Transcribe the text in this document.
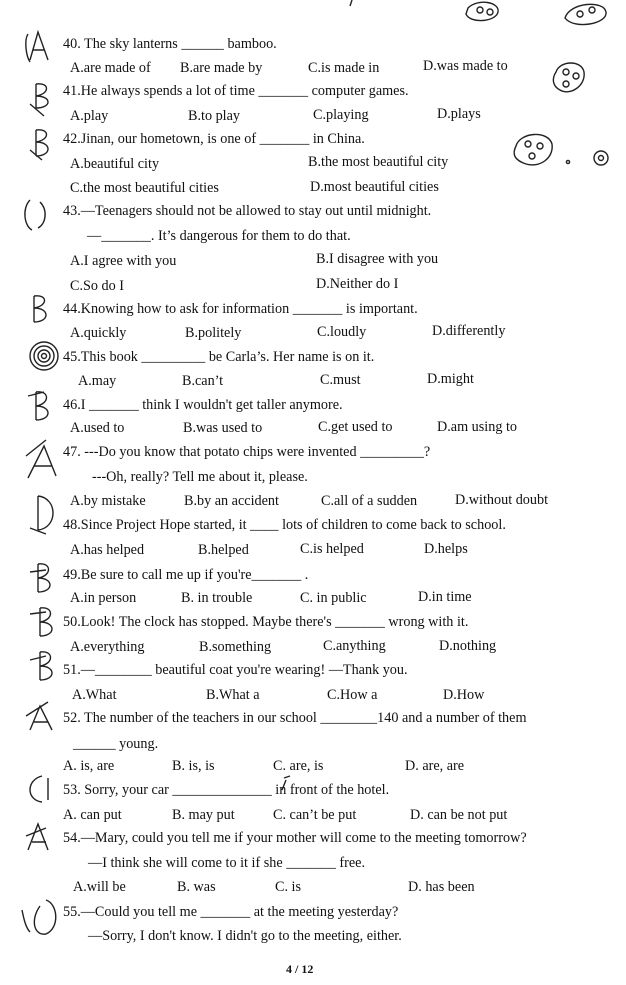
40. The sky lanterns ______ bamboo.
A.are made of B.are made by	C.is made in	D.was made to
41.He always spends a lot of time _______ computer games.
A.play	B.to play	C.playing	D.plays
42.Jinan, our hometown, is one of _______ in China.
A.beautiful city	B.the most beautiful city
C.the most beautiful cities	D.most beautiful cities
43.—Teenagers should not be allowed to stay out until midnight.
—_______. It’s dangerous for them to do that.
A.I agree with you	B.I disagree with you
C.So do I	D.Neither do I
44.Knowing how to ask for information _______ is important.
A.quickly	B.politely	C.loudly	D.differently
45.This book _________ be Carla’s. Her name is on it.
A.may	B.can’t	C.must	D.might
46.I _______ think I wouldn't get taller anymore.
A.used to	B.was used to	C.get used to	D.am using to
47. ---Do you know that potato chips were invented _________?
---Oh, really? Tell me about it, please.
A.by mistake	B.by an accident	C.all of a sudden	D.without doubt
48.Since Project Hope started, it ____ lots of children to come back to school.
A.has helped	B.helped	C.is helped	D.helps
49.Be sure to call me up if you're_______ .
A.in person	B. in trouble	C. in public	D.in time
50.Look! The clock has stopped. Maybe there's _______ wrong with it.
A.everything	B.something	C.anything	D.nothing
51.—________ beautiful coat you're wearing! —Thank you.
A.What	B.What a	C.How a	D.How
52. The number of the teachers in our school ________140 and a number of them
______ young.
A. is, are	B. is, is	C. are, is	D. are, are
53. Sorry, your car ______________ in front of the hotel.
A. can put	B. may put	C. can’t be put	D. can be not put
54.—Mary, could you tell me if your mother will come to the meeting tomorrow?
—I think she will come to it if she _______ free.
A.will be	B. was	C. is	D. has been
55.—Could you tell me _______ at the meeting yesterday?
—Sorry, I don't know. I didn't go to the meeting, either.
4 / 12
